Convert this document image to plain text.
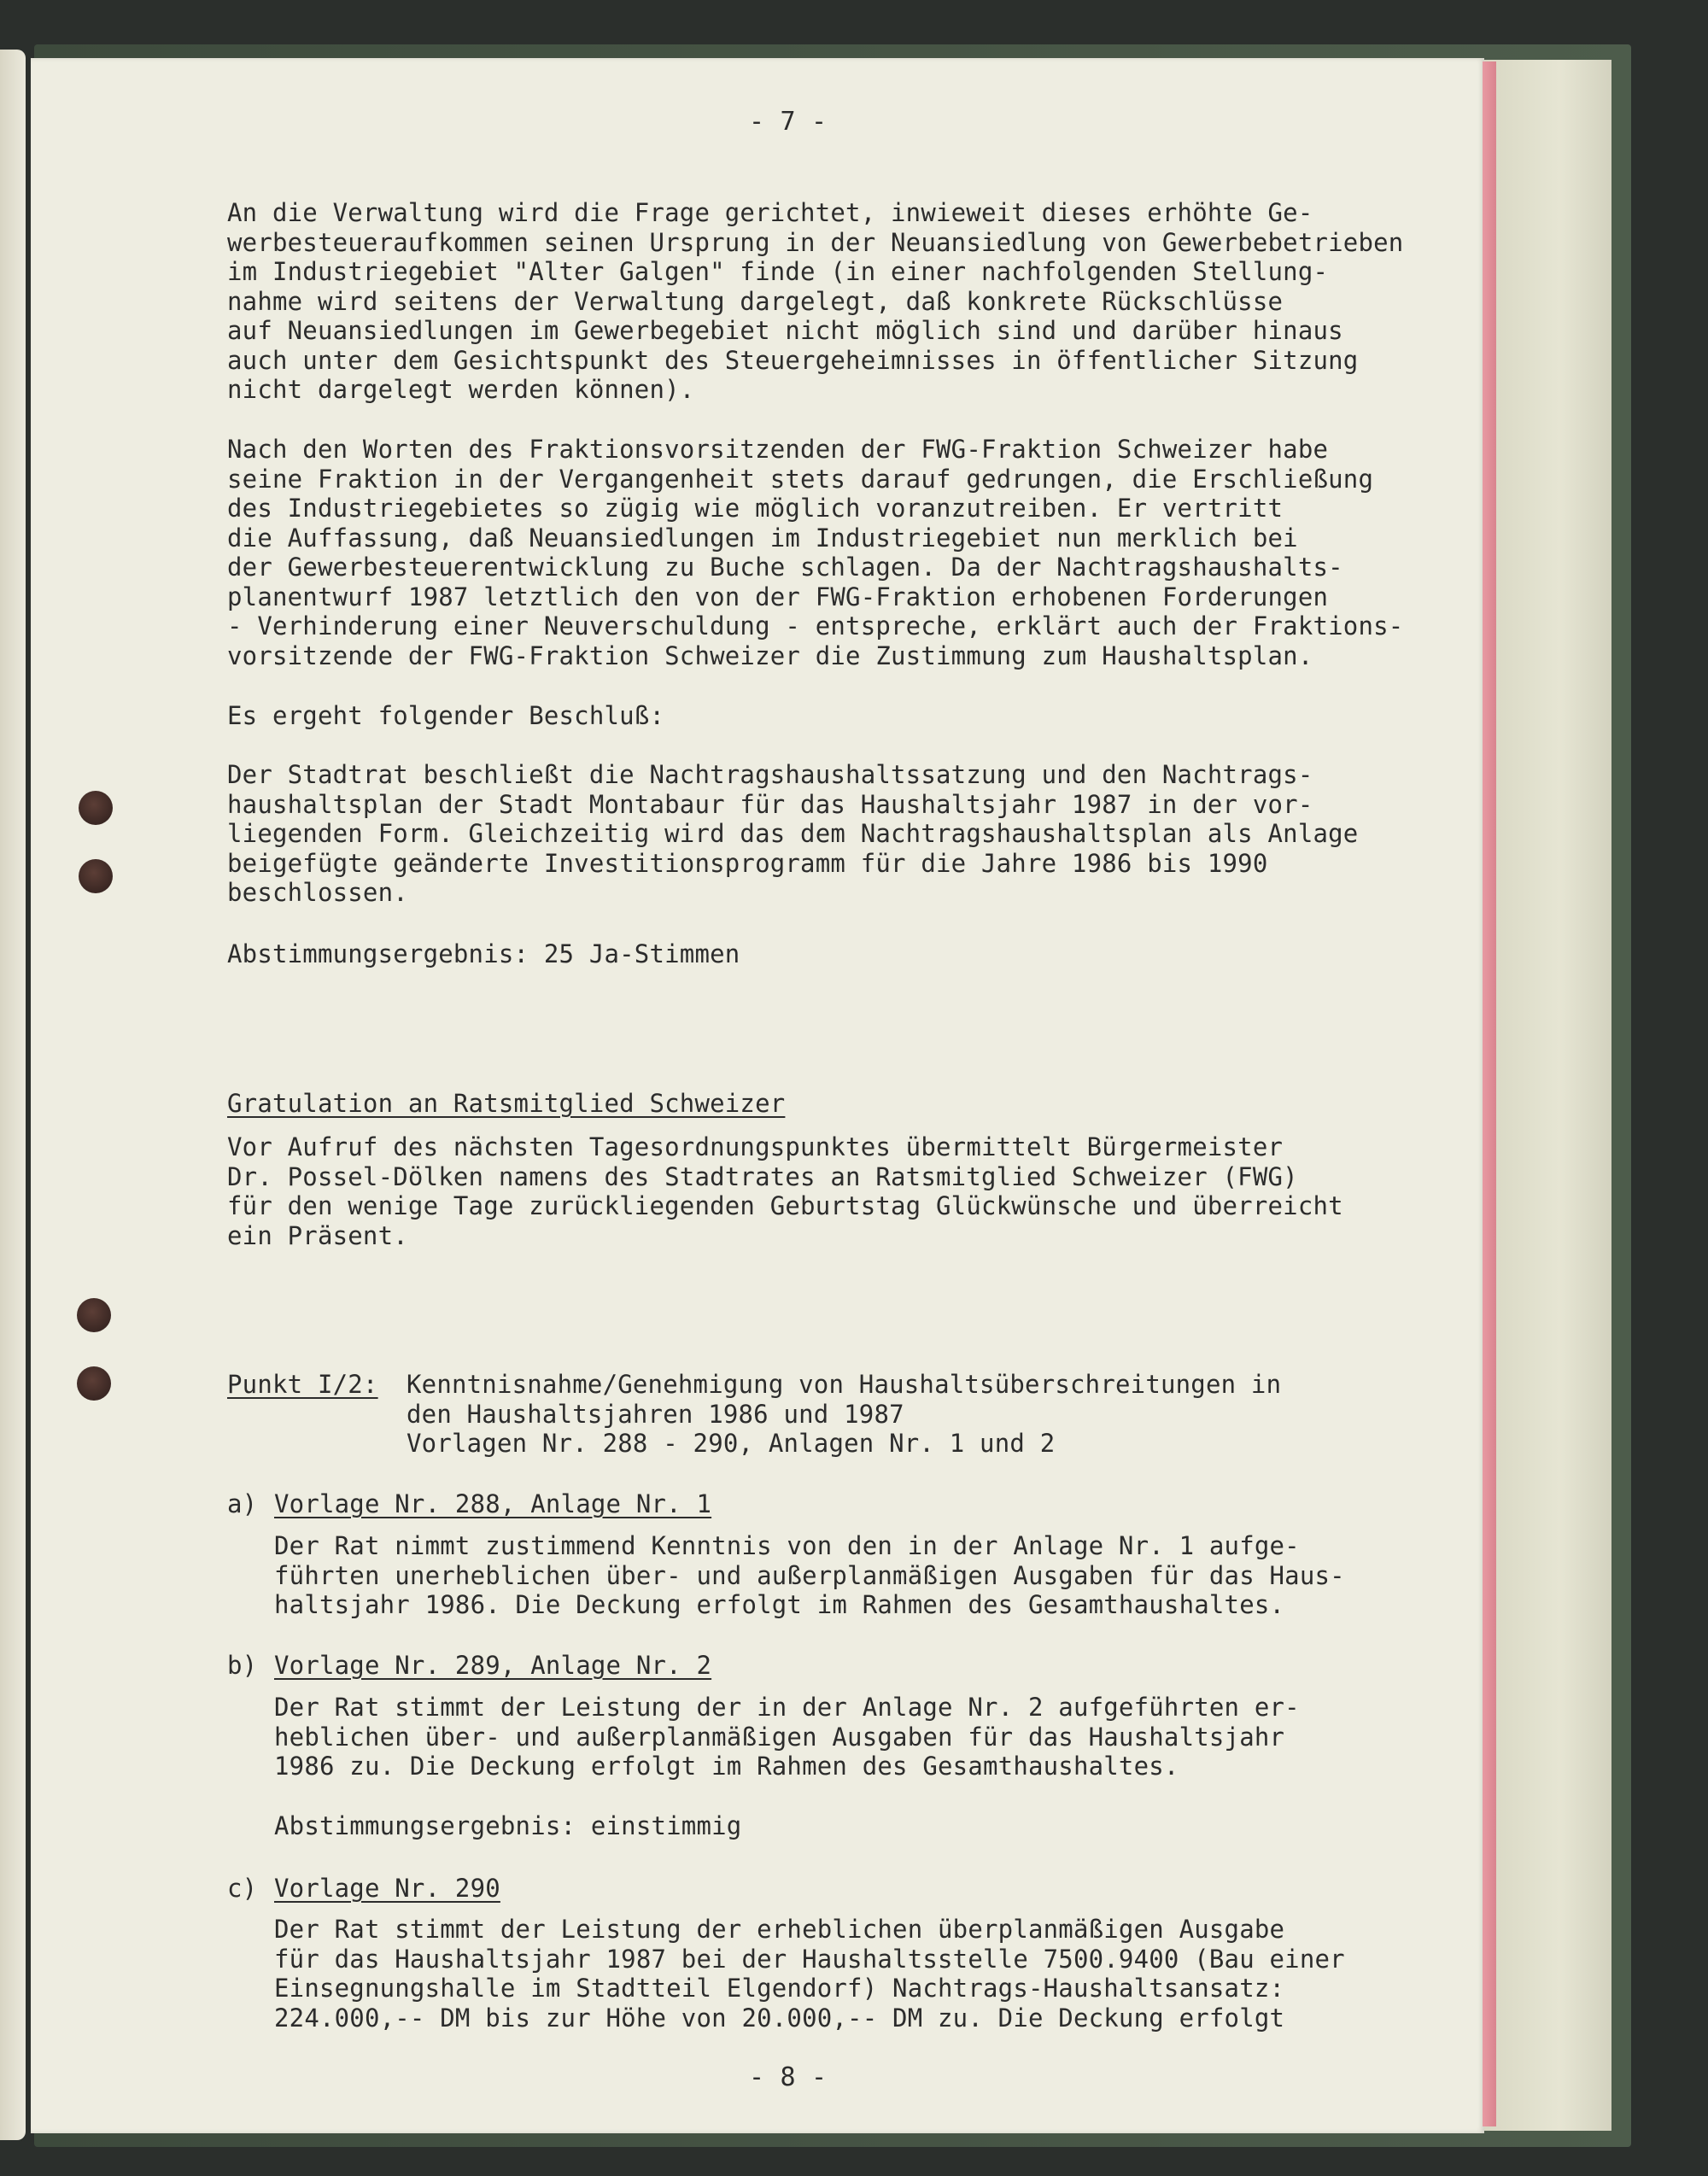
- 7 -

An die Verwaltung wird die Frage gerichtet, inwieweit dieses erhöhte Ge-
werbesteueraufkommen seinen Ursprung in der Neuansiedlung von Gewerbebetrieben
im Industriegebiet "Alter Galgen" finde (in einer nachfolgenden Stellung-
nahme wird seitens der Verwaltung dargelegt, daß konkrete Rückschlüsse
auf Neuansiedlungen im Gewerbegebiet nicht möglich sind und darüber hinaus
auch unter dem Gesichtspunkt des Steuergeheimnisses in öffentlicher Sitzung
nicht dargelegt werden können).

Nach den Worten des Fraktionsvorsitzenden der FWG-Fraktion Schweizer habe
seine Fraktion in der Vergangenheit stets darauf gedrungen, die Erschließung
des Industriegebietes so zügig wie möglich voranzutreiben. Er vertritt
die Auffassung, daß Neuansiedlungen im Industriegebiet nun merklich bei
der Gewerbesteuerentwicklung zu Buche schlagen. Da der Nachtragshaushalts-
planentwurf 1987 letztlich den von der FWG-Fraktion erhobenen Forderungen
- Verhinderung einer Neuverschuldung - entspreche, erklärt auch der Fraktions-
vorsitzende der FWG-Fraktion Schweizer die Zustimmung zum Haushaltsplan.

Es ergeht folgender Beschluß:

Der Stadtrat beschließt die Nachtragshaushaltssatzung und den Nachtrags-
haushaltsplan der Stadt Montabaur für das Haushaltsjahr 1987 in der vor-
liegenden Form. Gleichzeitig wird das dem Nachtragshaushaltsplan als Anlage
beigefügte geänderte Investitionsprogramm für die Jahre 1986 bis 1990
beschlossen.

Abstimmungsergebnis: 25 Ja-Stimmen

Gratulation an Ratsmitglied Schweizer

Vor Aufruf des nächsten Tagesordnungspunktes übermittelt Bürgermeister
Dr. Possel-Dölken namens des Stadtrates an Ratsmitglied Schweizer (FWG)
für den wenige Tage zurückliegenden Geburtstag Glückwünsche und überreicht
ein Präsent.

Punkt I/2: Kenntnisnahme/Genehmigung von Haushaltsüberschreitungen in
den Haushaltsjahren 1986 und 1987
Vorlagen Nr. 288 - 290, Anlagen Nr. 1 und 2

a) Vorlage Nr. 288, Anlage Nr. 1

Der Rat nimmt zustimmend Kenntnis von den in der Anlage Nr. 1 aufge-
führten unerheblichen über- und außerplanmäßigen Ausgaben für das Haus-
haltsjahr 1986. Die Deckung erfolgt im Rahmen des Gesamthaushaltes.

b) Vorlage Nr. 289, Anlage Nr. 2

Der Rat stimmt der Leistung der in der Anlage Nr. 2 aufgeführten er-
heblichen über- und außerplanmäßigen Ausgaben für das Haushaltsjahr
1986 zu. Die Deckung erfolgt im Rahmen des Gesamthaushaltes.

Abstimmungsergebnis: einstimmig

c) Vorlage Nr. 290

Der Rat stimmt der Leistung der erheblichen überplanmäßigen Ausgabe
für das Haushaltsjahr 1987 bei der Haushaltsstelle 7500.9400 (Bau einer
Einsegnungshalle im Stadtteil Elgendorf) Nachtrags-Haushaltsansatz:
224.000,-- DM bis zur Höhe von 20.000,-- DM zu. Die Deckung erfolgt

- 8 -
